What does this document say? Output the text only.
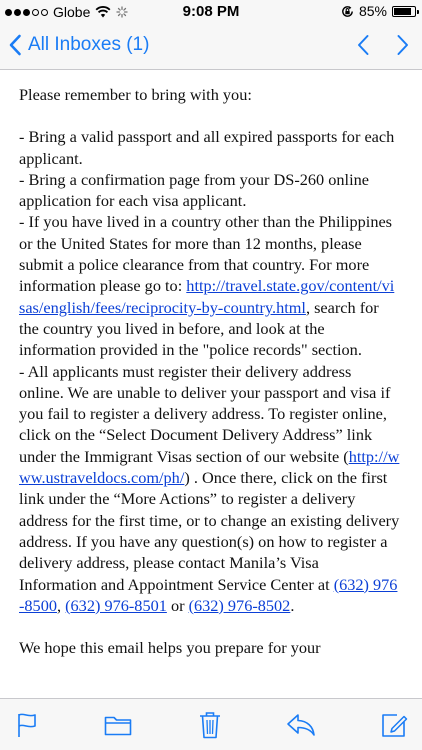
Globe	9:08 PM	85%
All Inboxes (1)

Please remember to bring with you:

- Bring a valid passport and all expired passports for each applicant.

- Bring a confirmation page from your DS-260 online application for each visa applicant.

- If you have lived in a country other than the Philippines or the United States for more than 12 months, please submit a police clearance from that country. For more information please go to: http://travel.state.gov/content/visas/english/fees/reciprocity-by-country.html, search for the country you lived in before, and look at the information provided in the "police records" section.

- All applicants must register their delivery address online. We are unable to deliver your passport and visa if you fail to register a delivery address. To register online, click on the “Select Document Delivery Address” link under the Immigrant Visas section of our website (http://www.ustraveldocs.com/ph/) . Once there, click on the first link under the “More Actions” to register a delivery address for the first time, or to change an existing delivery address. If you have any question(s) on how to register a delivery address, please contact Manila’s Visa Information and Appointment Service Center at (632) 976-8500, (632) 976-8501 or (632) 976-8502.

We hope this email helps you prepare for your
